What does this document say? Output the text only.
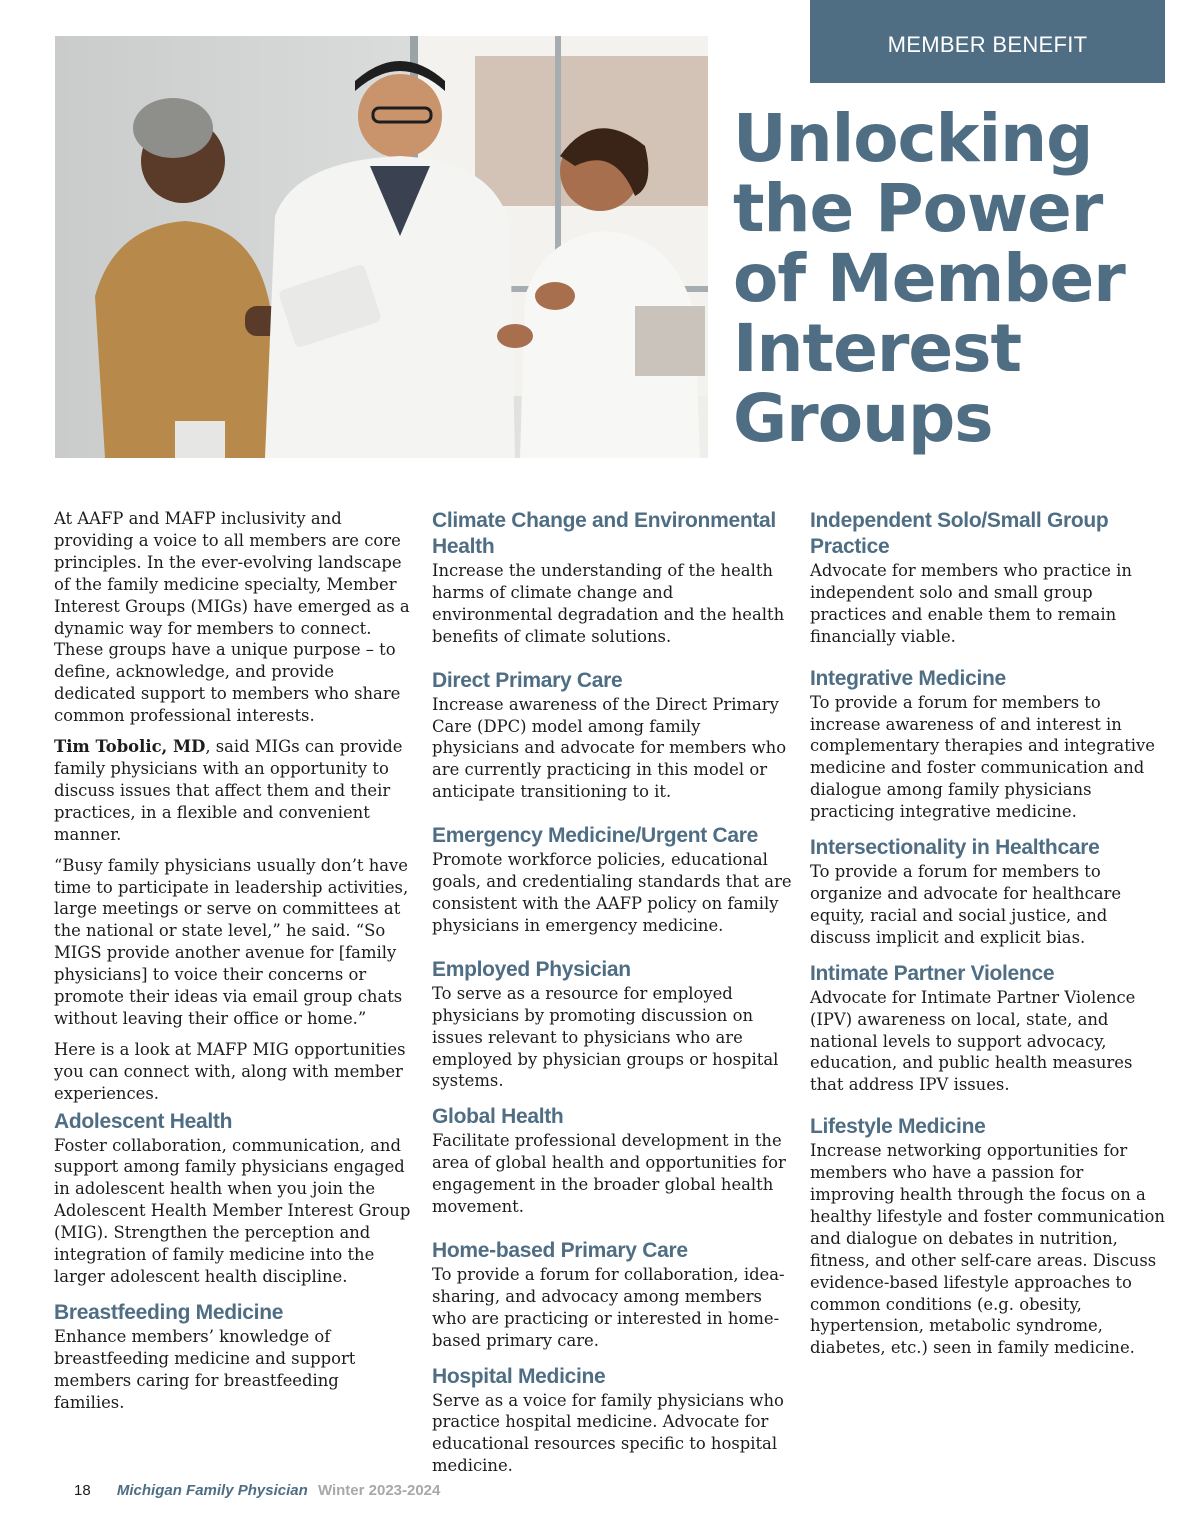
MEMBER BENEFIT
Unlocking the Power of Member Interest Groups

At AAFP and MAFP inclusivity and providing a voice to all members are core principles. In the ever-evolving landscape of the family medicine specialty, Member Interest Groups (MIGs) have emerged as a dynamic way for members to connect. These groups have a unique purpose – to define, acknowledge, and provide dedicated support to members who share common professional interests.

Tim Tobolic, MD, said MIGs can provide family physicians with an opportunity to discuss issues that affect them and their practices, in a flexible and convenient manner.

“Busy family physicians usually don’t have time to participate in leadership activities, large meetings or serve on committees at the national or state level,” he said. “So MIGS provide another avenue for [family physicians] to voice their concerns or promote their ideas via email group chats without leaving their office or home.”

Here is a look at MAFP MIG opportunities you can connect with, along with member experiences.

Adolescent Health

Foster collaboration, communication, and support among family physicians engaged in adolescent health when you join the Adolescent Health Member Interest Group (MIG). Strengthen the perception and integration of family medicine into the larger adolescent health discipline.

Breastfeeding Medicine

Enhance members’ knowledge of breastfeeding medicine and support members caring for breastfeeding families.

Climate Change and Environmental Health

Increase the understanding of the health harms of climate change and environmental degradation and the health benefits of climate solutions.

Direct Primary Care

Increase awareness of the Direct Primary Care (DPC) model among family physicians and advocate for members who are currently practicing in this model or anticipate transitioning to it.

Emergency Medicine/Urgent Care

Promote workforce policies, educational goals, and credentialing standards that are consistent with the AAFP policy on family physicians in emergency medicine.

Employed Physician

To serve as a resource for employed physicians by promoting discussion on issues relevant to physicians who are employed by physician groups or hospital systems.

Global Health

Facilitate professional development in the area of global health and opportunities for engagement in the broader global health movement.

Home-based Primary Care

To provide a forum for collaboration, idea-sharing, and advocacy among members who are practicing or interested in home-based primary care.

Hospital Medicine

Serve as a voice for family physicians who practice hospital medicine. Advocate for educational resources specific to hospital medicine.

Independent Solo/Small Group Practice

Advocate for members who practice in independent solo and small group practices and enable them to remain financially viable.

Integrative Medicine

To provide a forum for members to increase awareness of and interest in complementary therapies and integrative medicine and foster communication and dialogue among family physicians practicing integrative medicine.

Intersectionality in Healthcare

To provide a forum for members to organize and advocate for healthcare equity, racial and social justice, and discuss implicit and explicit bias.

Intimate Partner Violence

Advocate for Intimate Partner Violence (IPV) awareness on local, state, and national levels to support advocacy, education, and public health measures that address IPV issues.

Lifestyle Medicine

Increase networking opportunities for members who have a passion for improving health through the focus on a healthy lifestyle and foster communication and dialogue on debates in nutrition, fitness, and other self-care areas. Discuss evidence-based lifestyle approaches to common conditions (e.g. obesity, hypertension, metabolic syndrome, diabetes, etc.) seen in family medicine.

18 Michigan Family Physician Winter 2023-2024
